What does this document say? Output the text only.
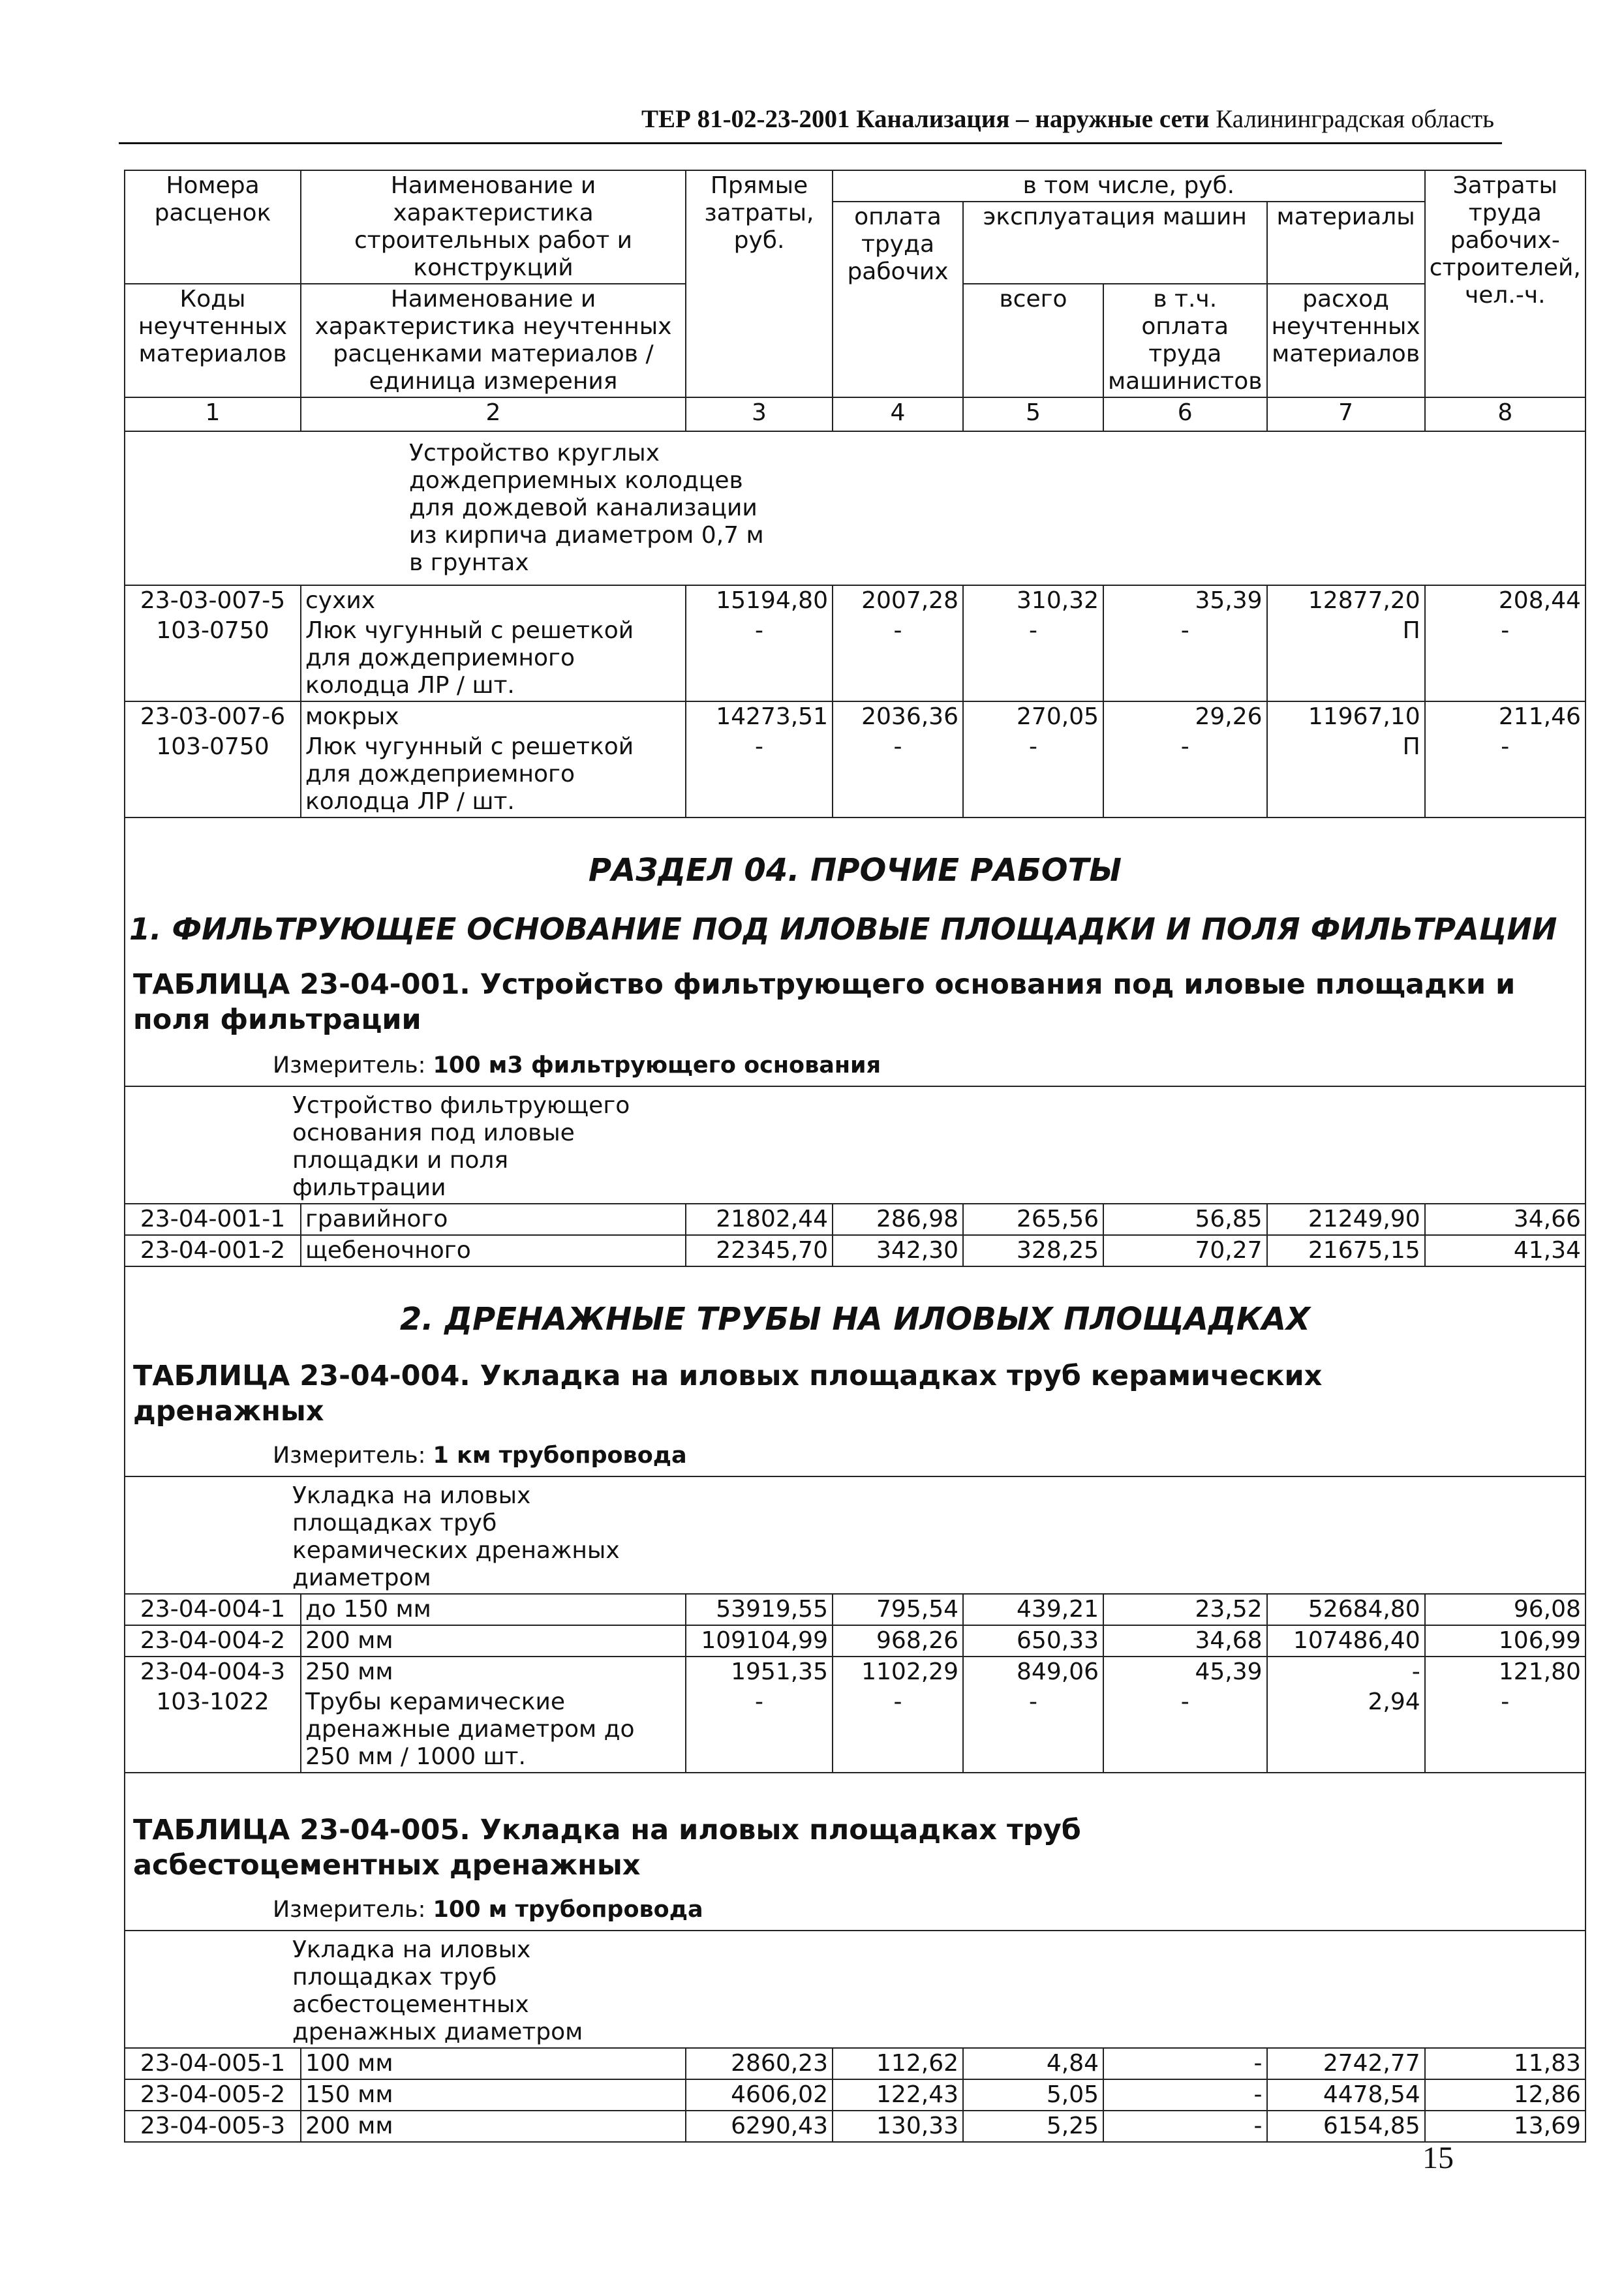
ТЕР 81-02-23-2001 Канализация – наружные сети Калининградская область
Номера расценок	Наименование и характеристика строительных работ и конструкций	Прямые затраты, руб.	в том числе, руб.				Затраты труда рабочих-строителей, чел.-ч.
			оплата труда рабочих	эксплуатация машин		материалы	
Коды неучтенных материалов	Наименование и характеристика неучтенных расценками материалов / единица измерения			всего	в т.ч. оплата труда машинистов	расход неучтенных материалов	

1	2	3	4	5	6	7	8

	Устройство круглых дождеприемных колодцев для дождевой канализации из кирпича диаметром 0,7 м в грунтах						

23-03-007-5	сухих	15194,80	2007,28	310,32	35,39	12877,20	208,44
103-0750	Люк чугунный с решеткой для дождеприемного колодца ЛР / шт.	-	-	-	-	П	-
23-03-007-6	мокрых	14273,51	2036,36	270,05	29,26	11967,10	211,46
103-0750	Люк чугунный с решеткой для дождеприемного колодца ЛР / шт.	-	-	-	-	П	-

РАЗДЕЛ 04. ПРОЧИЕ РАБОТЫ
1. ФИЛЬТРУЮЩЕЕ ОСНОВАНИЕ ПОД ИЛОВЫЕ ПЛОЩАДКИ И ПОЛЯ ФИЛЬТРАЦИИ
ТАБЛИЦА 23-04-001. Устройство фильтрующего основания под иловые площадки и поля фильтрации
Измеритель: 100 м3 фильтрующего основания							

Устройство фильтрующего основания под иловые площадки и поля фильтрации							

23-04-001-1	гравийного	21802,44	286,98	265,56	56,85	21249,90	34,66
23-04-001-2	щебеночного	22345,70	342,30	328,25	70,27	21675,15	41,34

2. ДРЕНАЖНЫЕ ТРУБЫ НА ИЛОВЫХ ПЛОЩАДКАХ
ТАБЛИЦА 23-04-004. Укладка на иловых площадках труб керамических дренажных
Измеритель: 1 км трубопровода							

Укладка на иловых площадках труб керамических дренажных диаметром							

23-04-004-1	до 150 мм	53919,55	795,54	439,21	23,52	52684,80	96,08
23-04-004-2	200 мм	109104,99	968,26	650,33	34,68	107486,40	106,99
23-04-004-3	250 мм	1951,35	1102,29	849,06	45,39	-	121,80
103-1022	Трубы керамические дренажные диаметром до 250 мм / 1000 шт.	-	-	-	-	2,94	-

ТАБЛИЦА 23-04-005. Укладка на иловых площадках труб асбестоцементных дренажных
Измеритель: 100 м трубопровода							

Укладка на иловых площадках труб асбестоцементных дренажных диаметром							

23-04-005-1	100 мм	2860,23	112,62	4,84	-	2742,77	11,83
23-04-005-2	150 мм	4606,02	122,43	5,05	-	4478,54	12,86
23-04-005-3	200 мм	6290,43	130,33	5,25	-	6154,85	13,69
15
